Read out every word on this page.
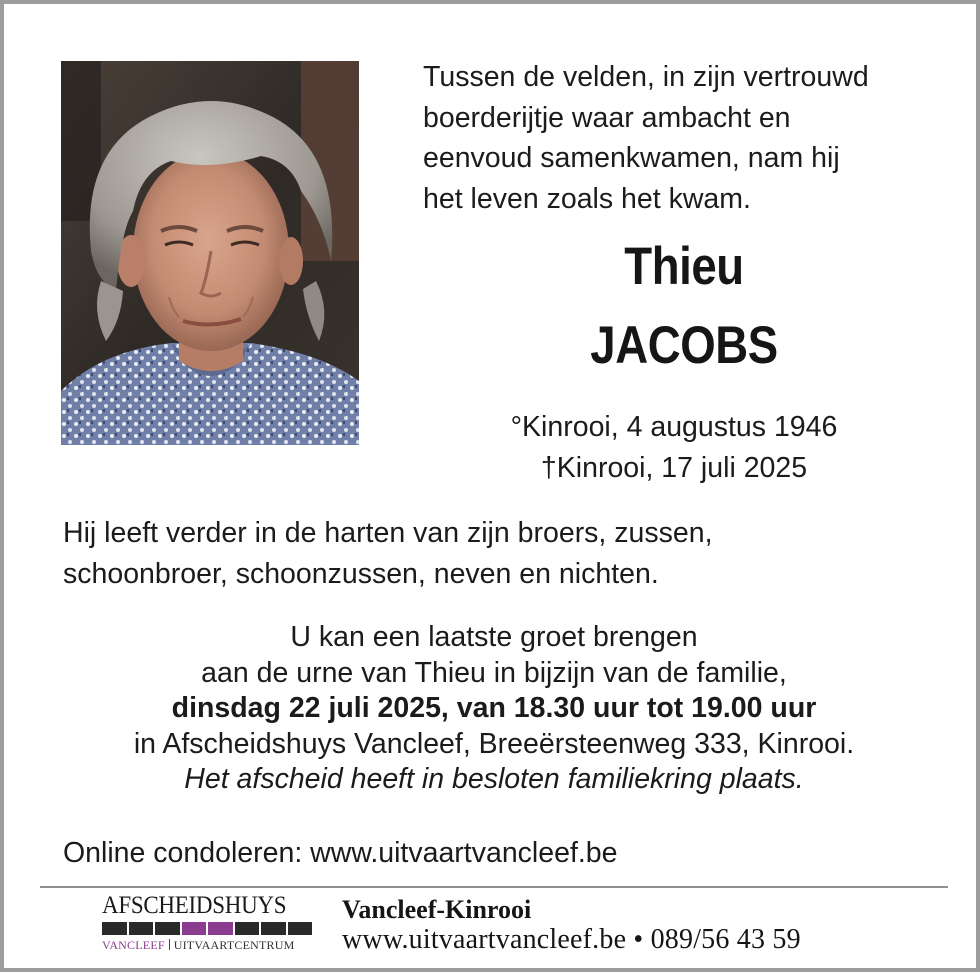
Tussen de velden, in zijn vertrouwd
boerderijtje waar ambacht en
eenvoud samenkwamen, nam hij
het leven zoals het kwam.
Thieu
JACOBS
°Kinrooi, 4 augustus 1946
†Kinrooi, 17 juli 2025
Hij leeft verder in de harten van zijn broers, zussen,
schoonbroer, schoonzussen, neven en nichten.
U kan een laatste groet brengen
aan de urne van Thieu in bijzijn van de familie,
dinsdag 22 juli 2025, van 18.30 uur tot 19.00 uur
in Afscheidshuys Vancleef, Breeërsteenweg 333, Kinrooi.
Het afscheid heeft in besloten familiekring plaats.
Online condoleren: www.uitvaartvancleef.be
AFSCHEIDSHUYS
VANCLEEF UITVAARTCENTRUM
Vancleef-Kinrooi
www.uitvaartvancleef.be • 089/56 43 59
